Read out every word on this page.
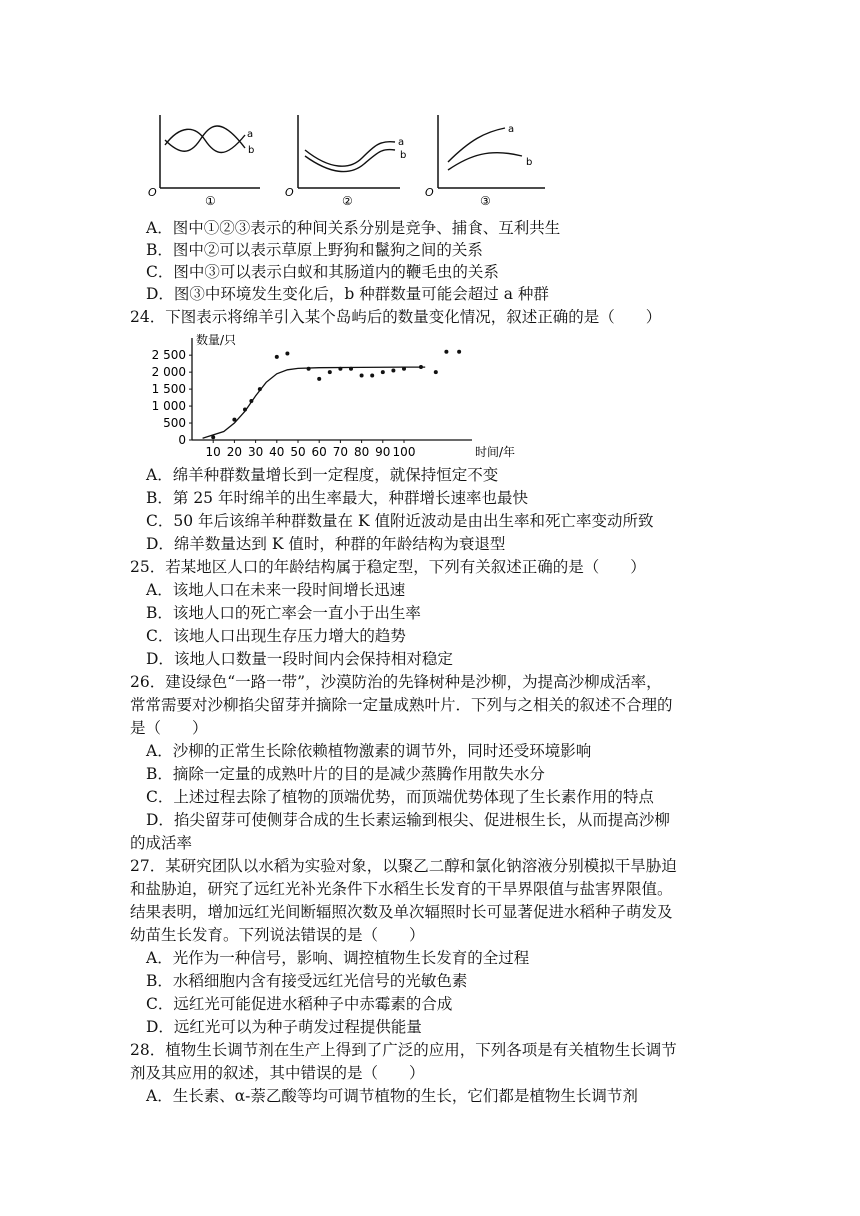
a
b
O
①
a
b
O
②
a
b
O
③
A．图中①②③表示的种间关系分别是竞争、捕食、互利共生
B．图中②可以表示草原上野狗和鬣狗之间的关系
C．图中③可以表示白蚁和其肠道内的鞭毛虫的关系
D．图③中环境发生变化后，b 种群数量可能会超过 a 种群
24．下图表示将绵羊引入某个岛屿后的数量变化情况，叙述正确的是（　　）
2 500
2 000
1 500
1 000
500
0
10 20 30 40 50 60 70 80 90 100
数量/只
时间/年
A．绵羊种群数量增长到一定程度，就保持恒定不变
B．第 25 年时绵羊的出生率最大，种群增长速率也最快
C．50 年后该绵羊种群数量在 K 值附近波动是由出生率和死亡率变动所致
D．绵羊数量达到 K 值时，种群的年龄结构为衰退型
25．若某地区人口的年龄结构属于稳定型，下列有关叙述正确的是（　　）
A．该地人口在未来一段时间增长迅速
B．该地人口的死亡率会一直小于出生率
C．该地人口出现生存压力增大的趋势
D．该地人口数量一段时间内会保持相对稳定
26．建设绿色“一路一带”，沙漠防治的先锋树种是沙柳，为提高沙柳成活率，
常常需要对沙柳掐尖留芽并摘除一定量成熟叶片．下列与之相关的叙述不合理的
是（　　）
A．沙柳的正常生长除依赖植物激素的调节外，同时还受环境影响
B．摘除一定量的成熟叶片的目的是减少蒸腾作用散失水分
C．上述过程去除了植物的顶端优势，而顶端优势体现了生长素作用的特点
D．掐尖留芽可使侧芽合成的生长素运输到根尖、促进根生长，从而提高沙柳
的成活率
27．某研究团队以水稻为实验对象，以聚乙二醇和氯化钠溶液分别模拟干旱胁迫
和盐胁迫，研究了远红光补光条件下水稻生长发育的干旱界限值与盐害界限值。
结果表明，增加远红光间断辐照次数及单次辐照时长可显著促进水稻种子萌发及
幼苗生长发育。下列说法错误的是（　　）
A．光作为一种信号，影响、调控植物生长发育的全过程
B．水稻细胞内含有接受远红光信号的光敏色素
C．远红光可能促进水稻种子中赤霉素的合成
D．远红光可以为种子萌发过程提供能量
28．植物生长调节剂在生产上得到了广泛的应用，下列各项是有关植物生长调节
剂及其应用的叙述，其中错误的是（　　）
A．生长素、α-萘乙酸等均可调节植物的生长，它们都是植物生长调节剂
